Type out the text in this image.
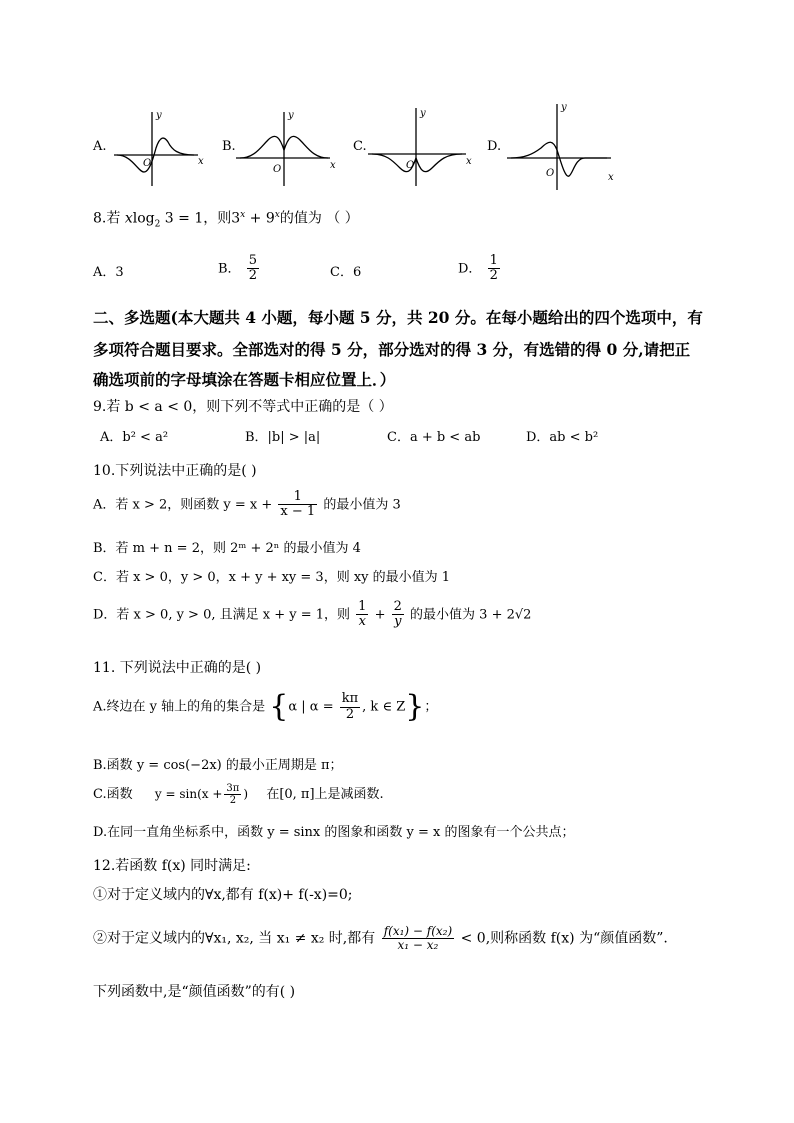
A.
y
x
O
B.
y
x
O
C.
y
x
O
D.
y
x
O
8.若 xlog$_2$ 3 = 1，则$3^x + 9^x$的值为 （ ）
A．3	B． $\frac{5}{2}$	C．6	D． $\frac{1}{2}$
二、多选题(本大题共 4 小题，每小题 5 分，共 20 分。在每小题给出的四个选项中，有
多项符合题目要求。全部选对的得 5 分，部分选对的得 3 分，有选错的得 0 分,请把正
确选项前的字母填涂在答题卡相应位置上．）
9.若 b < a < 0，则下列不等式中正确的是（ ）
A．b² < a²	B．|b| > |a|	C．a + b < ab	D．ab < b²
10.下列说法中正确的是( )
A．若 x > 2，则函数 $y = x + \frac{1}{x - 1}$ 的最小值为 3
B．若 m + n = 2，则 2ᵐ + 2ⁿ 的最小值为 4
C．若 x > 0，y > 0，x + y + xy = 3，则 xy 的最小值为 1
D．若 x > 0, y > 0, 且满足 x + y = 1，则 $\frac{1}{x} + \frac{2}{y}$ 的最小值为 3 + 2√2
11. 下列说法中正确的是( )
A.终边在 y 轴上的角的集合是 {α | $\alpha = \frac{k\pi}{2}$ , k ∈ Z}；
B.函数 y = cos(−2x) 的最小正周期是 π；
C.函数 $y = \sin(x + \frac{3\pi}{2}$ ) 在[0, π]上是减函数.
D.在同一直角坐标系中，函数 y = sinx 的图象和函数 y = x 的图象有一个公共点；
12.若函数 f(x) 同时满足:
①对于定义域内的∀x,都有 f(x)+ f(-x)=0;
②对于定义域内的∀x₁, x₂, 当 x₁ ≠ x₂ 时,都有 $\frac{\text{f(x₁) − f(x₂)}}{\text{x₁ − x₂}} < 0$,则称函数 f(x) 为“颜值函数”.
下列函数中,是“颜值函数”的有( )
